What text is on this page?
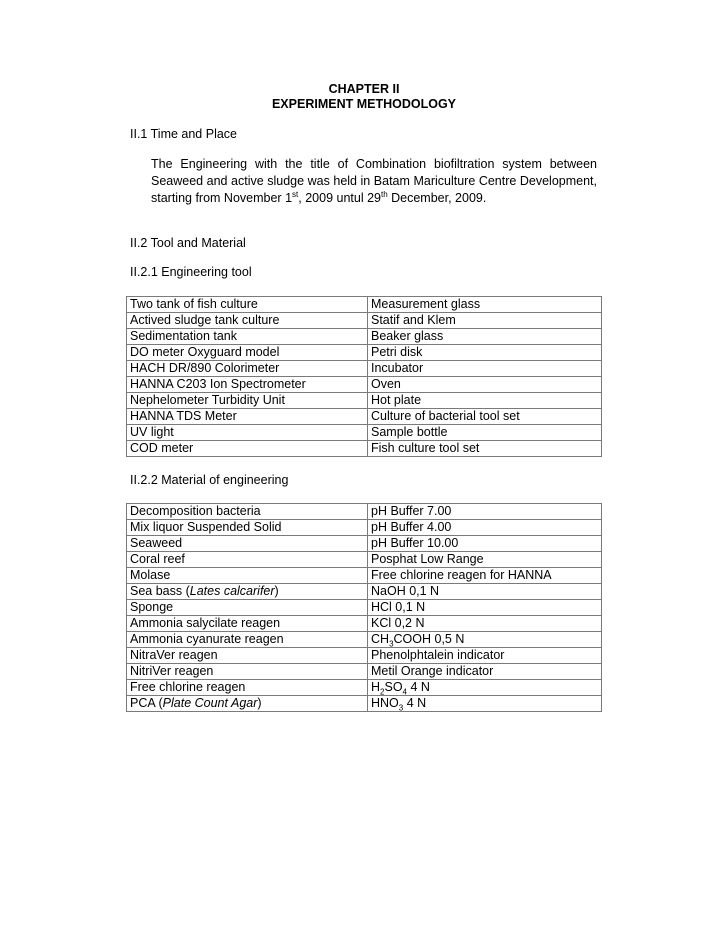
CHAPTER II
EXPERIMENT METHODOLOGY
II.1 Time and Place

The Engineering with the title of Combination biofiltration system between Seaweed and active sludge was held in Batam Mariculture Centre Development, starting from November 1st, 2009 untul 29th December, 2009.

II.2 Tool and Material
II.2.1 Engineering tool
Two tank of fish culture	Measurement glass
Actived sludge tank culture	Statif and Klem
Sedimentation tank	Beaker glass
DO meter Oxyguard model	Petri disk
HACH DR/890 Colorimeter	Incubator
HANNA C203 Ion Spectrometer	Oven
Nephelometer Turbidity Unit	Hot plate
HANNA TDS Meter	Culture of bacterial tool set
UV light	Sample bottle
COD meter	Fish culture tool set
II.2.2 Material of engineering
Decomposition bacteria	pH Buffer 7.00
Mix liquor Suspended Solid	pH Buffer 4.00
Seaweed	pH Buffer 10.00
Coral reef	Posphat Low Range
Molase	Free chlorine reagen for HANNA
Sea bass (Lates calcarifer)	NaOH 0,1 N
Sponge	HCl 0,1 N
Ammonia salycilate reagen	KCl 0,2 N
Ammonia cyanurate reagen	$CH_3COOH$ 0,5 N
NitraVer reagen	Phenolphtalein indicator
NitriVer reagen	Metil Orange indicator
Free chlorine reagen	$H_2SO_4$ 4 N
PCA (Plate Count Agar)	$HNO_3$ 4 N
